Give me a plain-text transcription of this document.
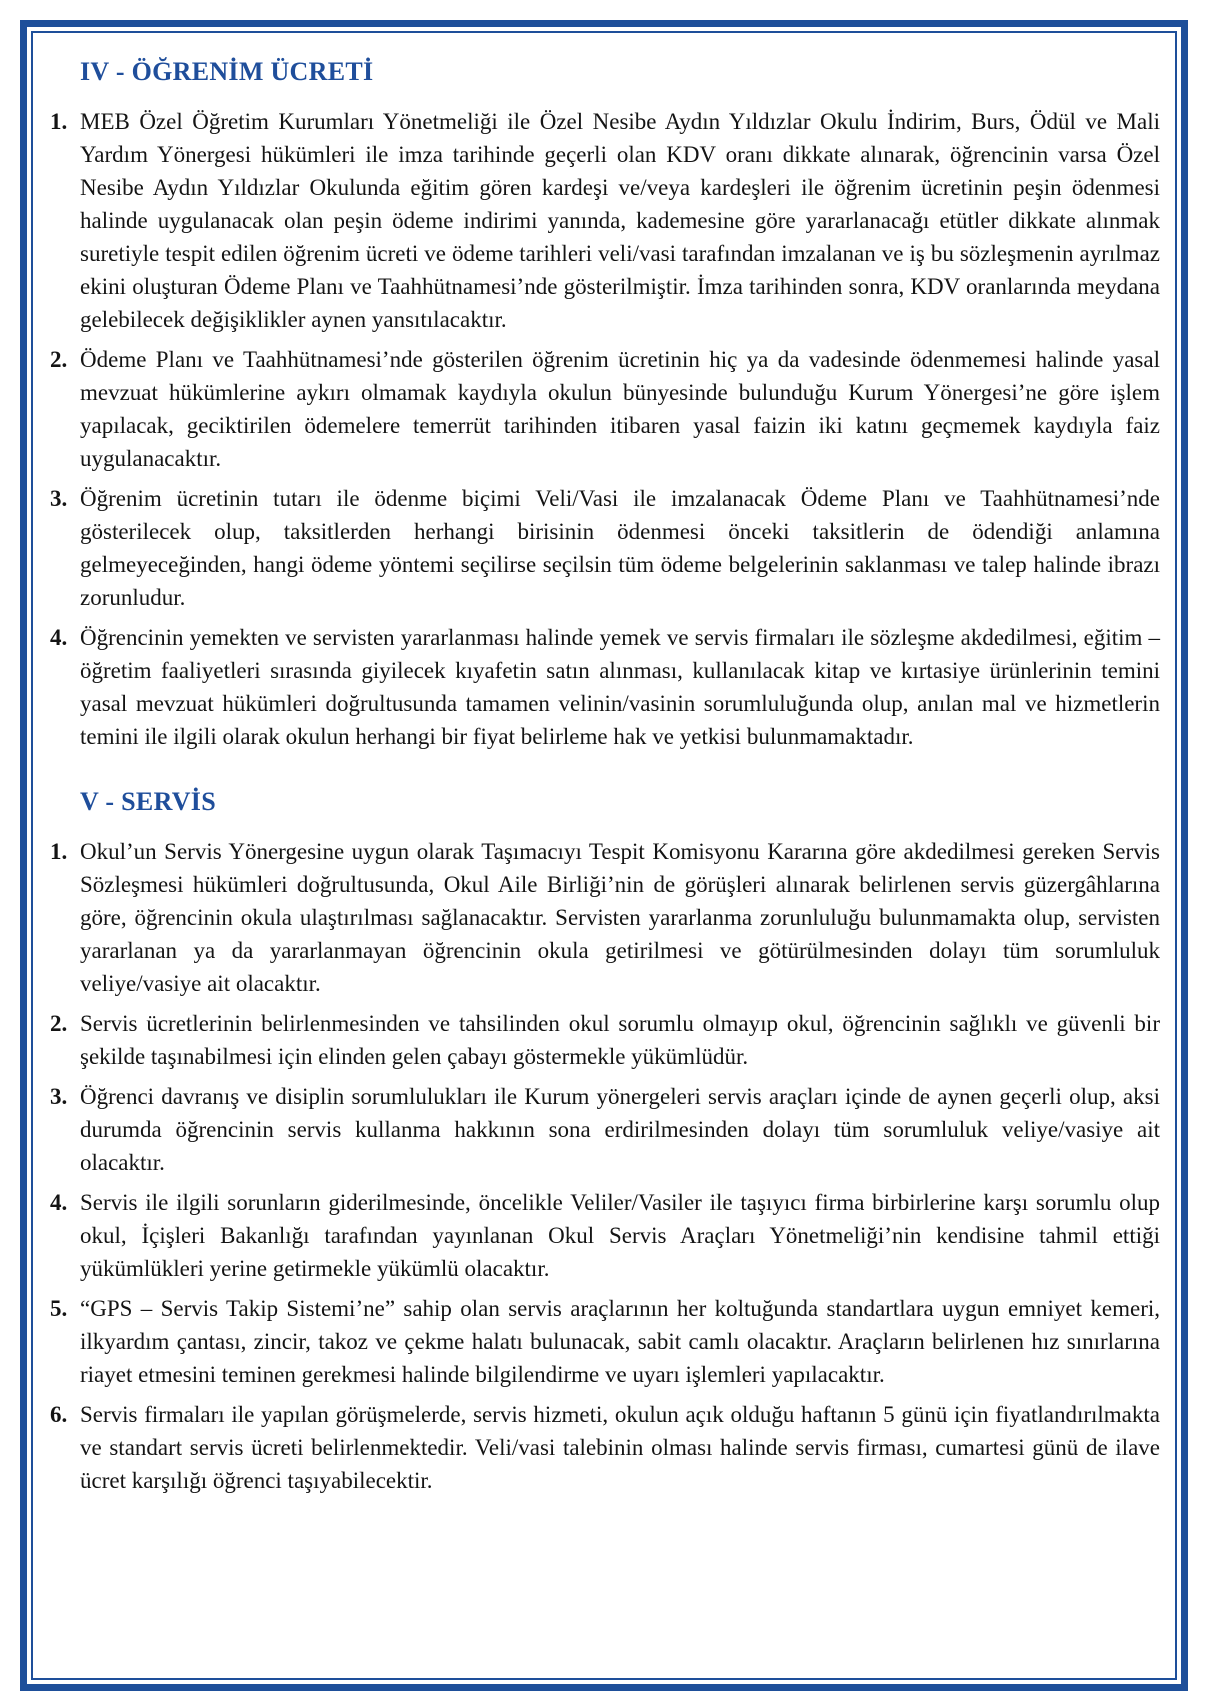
IV - ÖĞRENİM ÜCRETİ
1. MEB Özel Öğretim Kurumları Yönetmeliği ile Özel Nesibe Aydın Yıldızlar Okulu İndirim, Burs, Ödül ve Mali Yardım Yönergesi hükümleri ile imza tarihinde geçerli olan KDV oranı dikkate alınarak, öğrencinin varsa Özel Nesibe Aydın Yıldızlar Okulunda eğitim gören kardeşi ve/veya kardeşleri ile öğrenim ücretinin peşin ödenmesi halinde uygulanacak olan peşin ödeme indirimi yanında, kademesine göre yararlanacağı etütler dikkate alınmak suretiyle tespit edilen öğrenim ücreti ve ödeme tarihleri veli/vasi tarafından imzalanan ve iş bu sözleşmenin ayrılmaz ekini oluşturan Ödeme Planı ve Taahhütnamesi’nde gösterilmiştir. İmza tarihinden sonra, KDV oranlarında meydana gelebilecek değişiklikler aynen yansıtılacaktır.

2. Ödeme Planı ve Taahhütnamesi’nde gösterilen öğrenim ücretinin hiç ya da vadesinde ödenmemesi halinde yasal mevzuat hükümlerine aykırı olmamak kaydıyla okulun bünyesinde bulunduğu Kurum Yönergesi’ne göre işlem yapılacak, geciktirilen ödemelere temerrüt tarihinden itibaren yasal faizin iki katını geçmemek kaydıyla faiz uygulanacaktır.

3. Öğrenim ücretinin tutarı ile ödenme biçimi Veli/Vasi ile imzalanacak Ödeme Planı ve Taahhütnamesi’nde gösterilecek olup, taksitlerden herhangi birisinin ödenmesi önceki taksitlerin de ödendiği anlamına gelmeyeceğinden, hangi ödeme yöntemi seçilirse seçilsin tüm ödeme belgelerinin saklanması ve talep halinde ibrazı zorunludur.

4. Öğrencinin yemekten ve servisten yararlanması halinde yemek ve servis firmaları ile sözleşme akdedilmesi, eğitim – öğretim faaliyetleri sırasında giyilecek kıyafetin satın alınması, kullanılacak kitap ve kırtasiye ürünlerinin temini yasal mevzuat hükümleri doğrultusunda tamamen velinin/vasinin sorumluluğunda olup, anılan mal ve hizmetlerin temini ile ilgili olarak okulun herhangi bir fiyat belirleme hak ve yetkisi bulunmamaktadır.

V - SERVİS
1. Okul’un Servis Yönergesine uygun olarak Taşımacıyı Tespit Komisyonu Kararına göre akdedilmesi gereken Servis Sözleşmesi hükümleri doğrultusunda, Okul Aile Birliği’nin de görüşleri alınarak belirlenen servis güzergâhlarına göre, öğrencinin okula ulaştırılması sağlanacaktır. Servisten yararlanma zorunluluğu bulunmamakta olup, servisten yararlanan ya da yararlanmayan öğrencinin okula getirilmesi ve götürülmesinden dolayı tüm sorumluluk veliye/vasiye ait olacaktır.

2. Servis ücretlerinin belirlenmesinden ve tahsilinden okul sorumlu olmayıp okul, öğrencinin sağlıklı ve güvenli bir şekilde taşınabilmesi için elinden gelen çabayı göstermekle yükümlüdür.

3. Öğrenci davranış ve disiplin sorumlulukları ile Kurum yönergeleri servis araçları içinde de aynen geçerli olup, aksi durumda öğrencinin servis kullanma hakkının sona erdirilmesinden dolayı tüm sorumluluk veliye/vasiye ait olacaktır.

4. Servis ile ilgili sorunların giderilmesinde, öncelikle Veliler/Vasiler ile taşıyıcı firma birbirlerine karşı sorumlu olup okul, İçişleri Bakanlığı tarafından yayınlanan Okul Servis Araçları Yönetmeliği’nin kendisine tahmil ettiği yükümlükleri yerine getirmekle yükümlü olacaktır.

5. “GPS – Servis Takip Sistemi’ne” sahip olan servis araçlarının her koltuğunda standartlara uygun emniyet kemeri, ilkyardım çantası, zincir, takoz ve çekme halatı bulunacak, sabit camlı olacaktır. Araçların belirlenen hız sınırlarına riayet etmesini teminen gerekmesi halinde bilgilendirme ve uyarı işlemleri yapılacaktır.

6. Servis firmaları ile yapılan görüşmelerde, servis hizmeti, okulun açık olduğu haftanın 5 günü için fiyatlandırılmakta ve standart servis ücreti belirlenmektedir. Veli/vasi talebinin olması halinde servis firması, cumartesi günü de ilave ücret karşılığı öğrenci taşıyabilecektir.
